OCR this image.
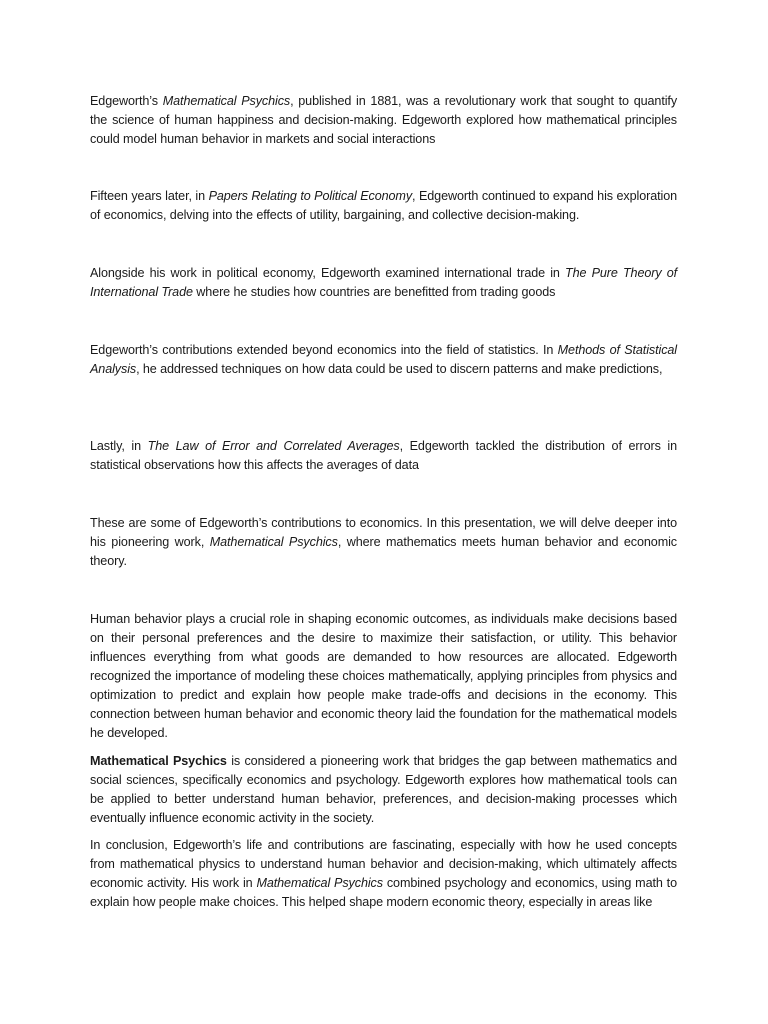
Edgeworth’s Mathematical Psychics, published in 1881, was a revolutionary work that sought to quantify the science of human happiness and decision-making. Edgeworth explored how mathematical principles could model human behavior in markets and social interactions

Fifteen years later, in Papers Relating to Political Economy, Edgeworth continued to expand his exploration of economics, delving into the effects of utility, bargaining, and collective decision-making.

Alongside his work in political economy, Edgeworth examined international trade in The Pure Theory of International Trade where he studies how countries are benefitted from trading goods

Edgeworth’s contributions extended beyond economics into the field of statistics. In Methods of Statistical Analysis, he addressed techniques on how data could be used to discern patterns and make predictions,

Lastly, in The Law of Error and Correlated Averages, Edgeworth tackled the distribution of errors in statistical observations how this affects the averages of data

These are some of Edgeworth’s contributions to economics. In this presentation, we will delve deeper into his pioneering work, Mathematical Psychics, where mathematics meets human behavior and economic theory.

Human behavior plays a crucial role in shaping economic outcomes, as individuals make decisions based on their personal preferences and the desire to maximize their satisfaction, or utility. This behavior influences everything from what goods are demanded to how resources are allocated. Edgeworth recognized the importance of modeling these choices mathematically, applying principles from physics and optimization to predict and explain how people make trade-offs and decisions in the economy. This connection between human behavior and economic theory laid the foundation for the mathematical models he developed.

Mathematical Psychics is considered a pioneering work that bridges the gap between mathematics and social sciences, specifically economics and psychology. Edgeworth explores how mathematical tools can be applied to better understand human behavior, preferences, and decision-making processes which eventually influence economic activity in the society.

In conclusion, Edgeworth’s life and contributions are fascinating, especially with how he used concepts from mathematical physics to understand human behavior and decision-making, which ultimately affects economic activity. His work in Mathematical Psychics combined psychology and economics, using math to explain how people make choices. This helped shape modern economic theory, especially in areas like
